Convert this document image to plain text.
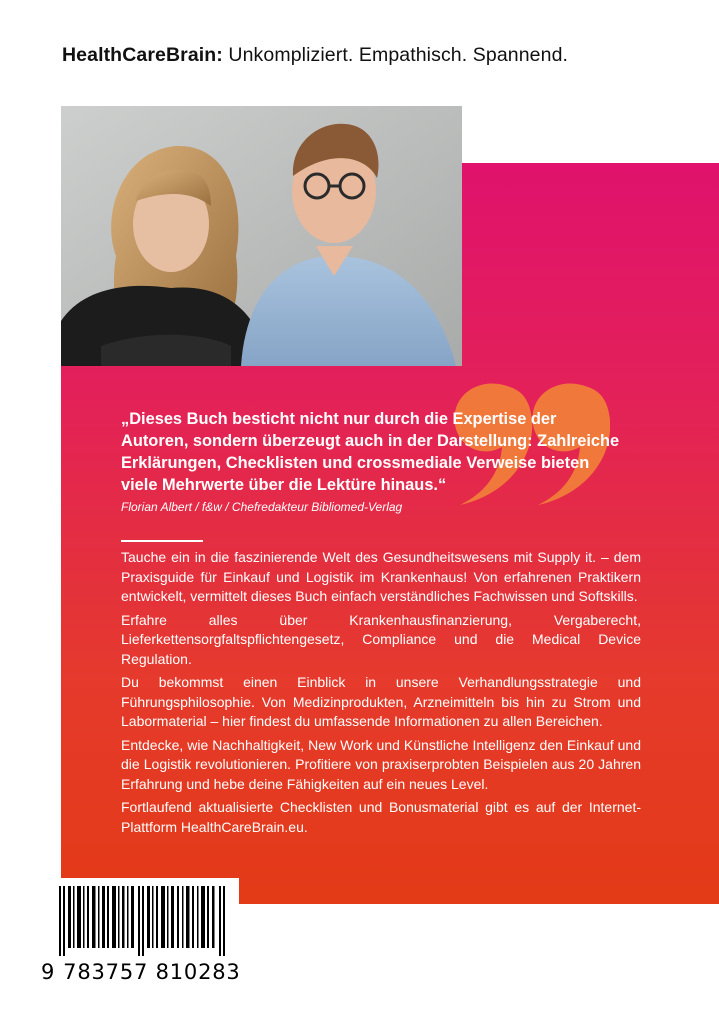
HealthCareBrain: Unkompliziert. Empathisch. Spannend.
„Dieses Buch besticht nicht nur durch die Expertise der Autoren, sondern überzeugt auch in der Darstellung: Zahlreiche Erklärungen, Checklisten und crossmediale Verweise bieten viele Mehrwerte über die Lektüre hinaus.“
Florian Albert / f&w / Chefredakteur Bibliomed-Verlag

Tauche ein in die faszinierende Welt des Gesundheitswesens mit Supply it. – dem Praxisguide für Einkauf und Logistik im Krankenhaus! Von erfahrenen Praktikern entwickelt, vermittelt dieses Buch einfach verständliches Fachwissen und Softskills.

Erfahre alles über Krankenhausfinanzierung, Vergaberecht, Lieferkettensorgfaltspflichtengesetz, Compliance und die Medical Device Regulation.

Du bekommst einen Einblick in unsere Verhandlungsstrategie und Führungsphilosophie. Von Medizinprodukten, Arzneimitteln bis hin zu Strom und Labormaterial – hier findest du umfassende Informationen zu allen Bereichen.

Entdecke, wie Nachhaltigkeit, New Work und Künstliche Intelligenz den Einkauf und die Logistik revolutionieren. Profitiere von praxiserprobten Beispielen aus 20 Jahren Erfahrung und hebe deine Fähigkeiten auf ein neues Level.

Fortlaufend aktualisierte Checklisten und Bonusmaterial gibt es auf der Internet-Plattform HealthCareBrain.eu.

9 783757 810283
